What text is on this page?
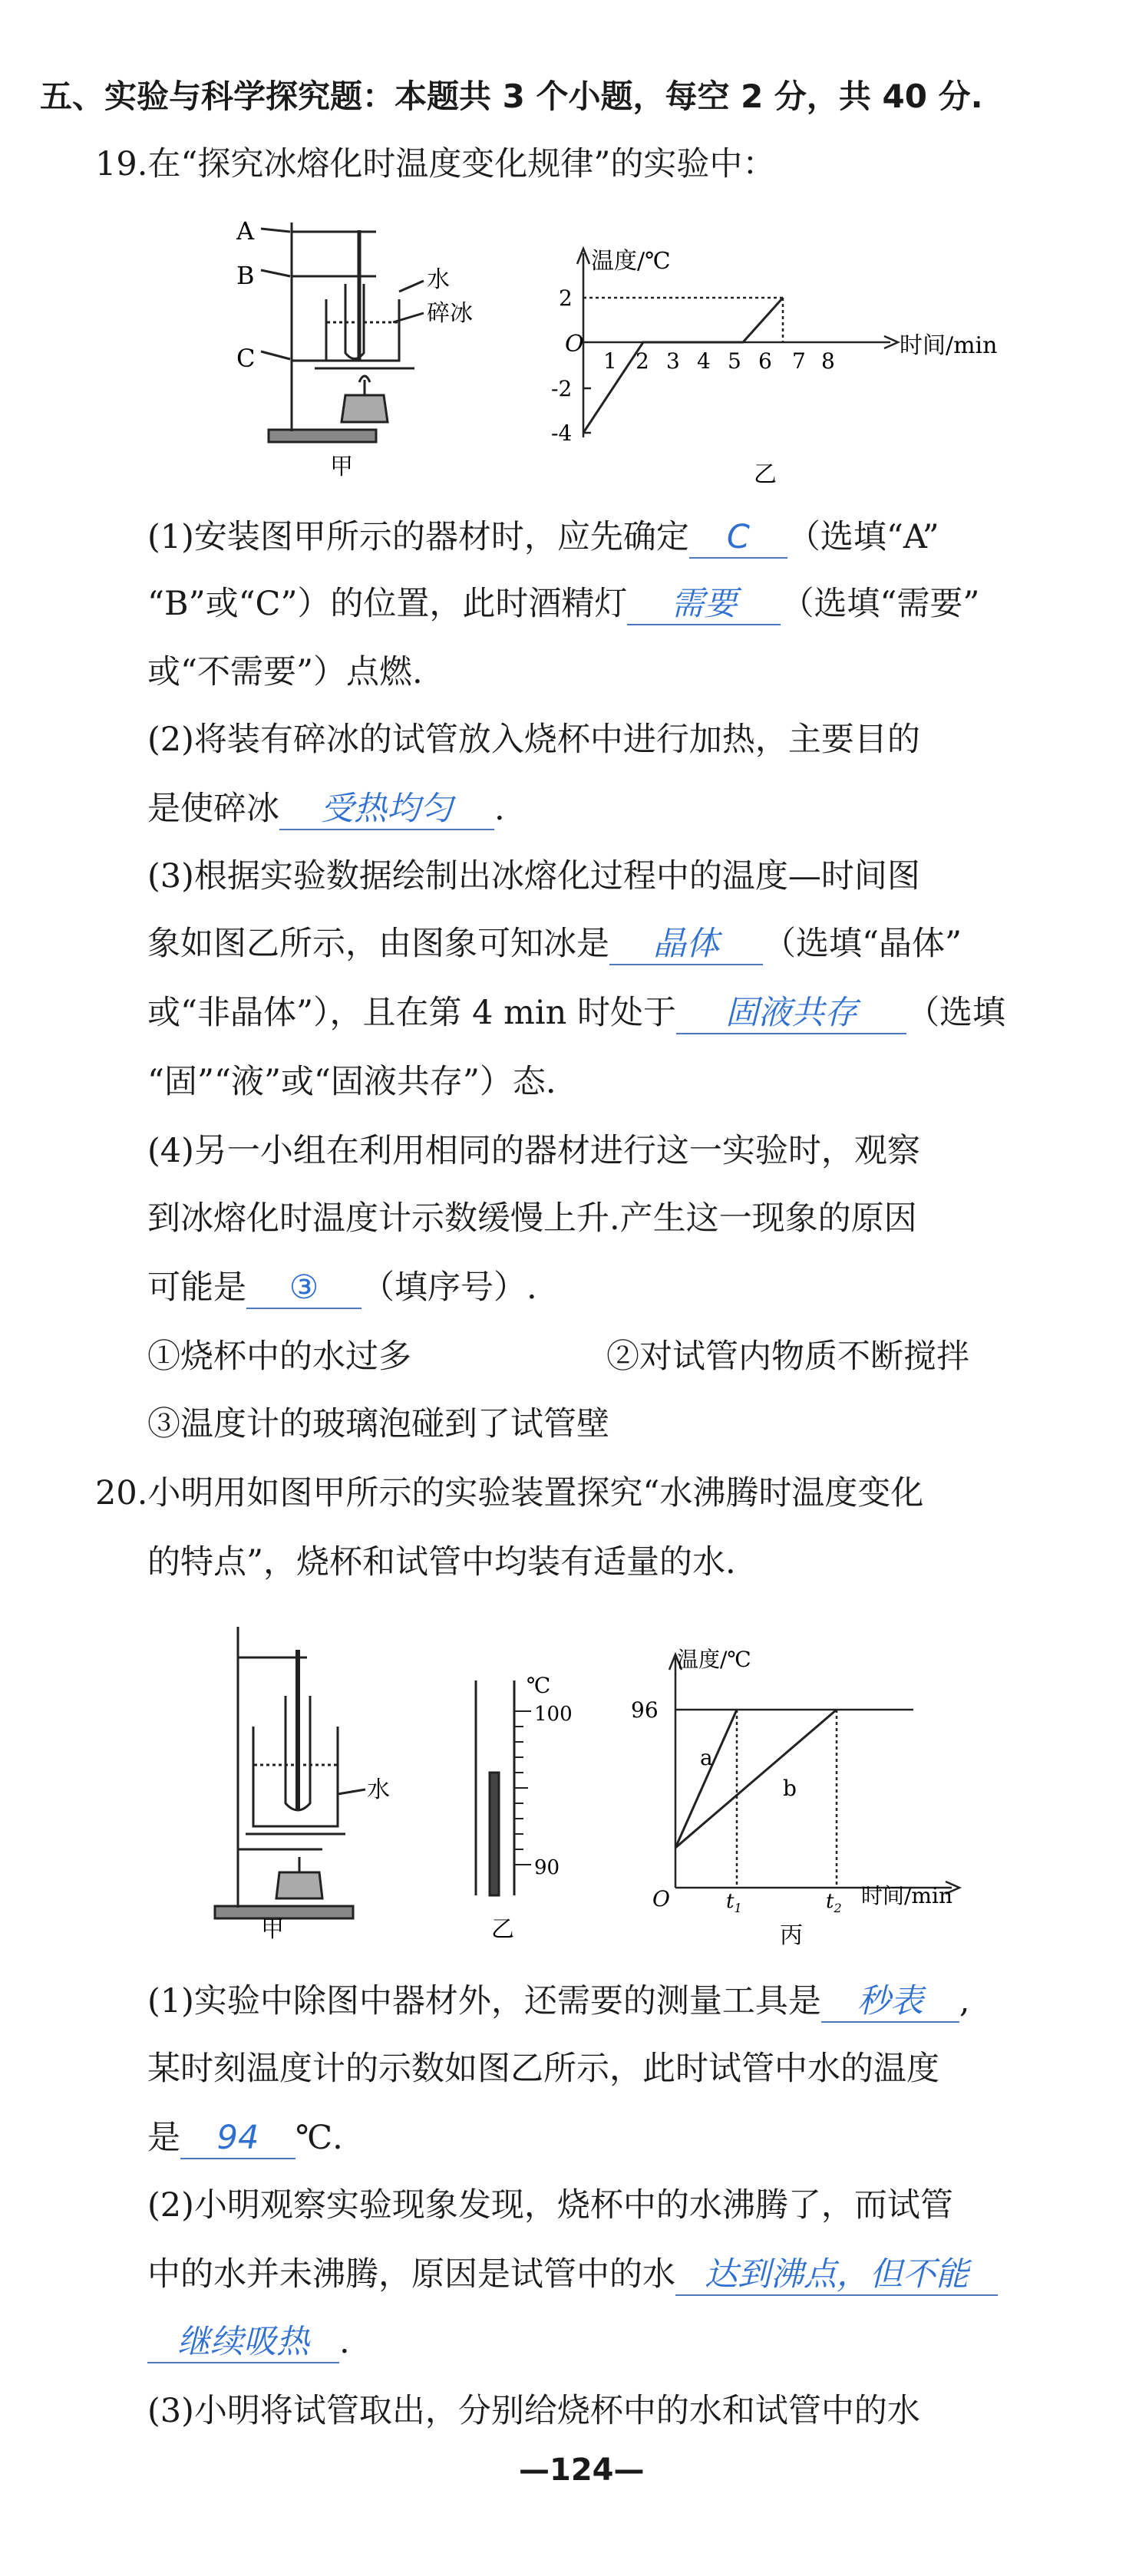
五、实验与科学探究题：本题共 3 个小题，每空 2 分，共 40 分.
19.在“探究冰熔化时温度变化规律”的实验中：
A
B
C
水
碎冰
甲
温度/℃
时间/min
O
2
-2
-4
1 2 3 4 5 6 7 8
乙
(1)安装图甲所示的器材时，应先确定 C （选填“A”
“B”或“C”）的位置，此时酒精灯 需要 （选填“需要”
或“不需要”）点燃.
(2)将装有碎冰的试管放入烧杯中进行加热，主要目的
是使碎冰 受热均匀 .
(3)根据实验数据绘制出冰熔化过程中的温度—时间图
象如图乙所示，由图象可知冰是 晶体 （选填“晶体”
或“非晶体”），且在第 4 min 时处于 固液共存 （选填
“固”“液”或“固液共存”）态.
(4)另一小组在利用相同的器材进行这一实验时，观察
到冰熔化时温度计示数缓慢上升.产生这一现象的原因
可能是 ③ （填序号）.
①烧杯中的水过多	②对试管内物质不断搅拌
③温度计的玻璃泡碰到了试管壁
20.小明用如图甲所示的实验装置探究“水沸腾时温度变化
的特点”，烧杯和试管中均装有适量的水.
水
甲
℃
100
90
乙
温度/℃
时间/min
O
96
a
b
$t_1$	$t_2$
丙
(1)实验中除图中器材外，还需要的测量工具是 秒表 ,
某时刻温度计的示数如图乙所示，此时试管中水的温度
是 94 ℃.
(2)小明观察实验现象发现，烧杯中的水沸腾了，而试管
中的水并未沸腾，原因是试管中的水 达到沸点，但不能
继续吸热 .
(3)小明将试管取出，分别给烧杯中的水和试管中的水
—124—
